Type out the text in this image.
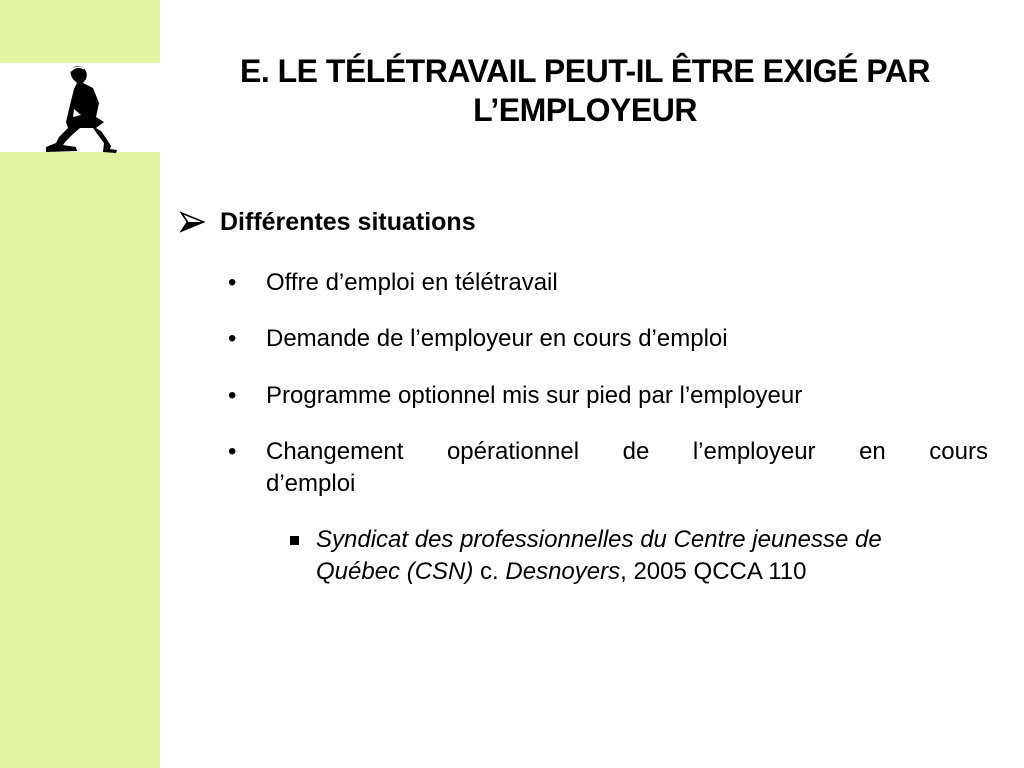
E. LE TÉLÉTRAVAIL PEUT-IL ÊTRE EXIGÉ PAR
L’EMPLOYEUR
Différentes situations
•	Offre d’emploi en télétravail
•	Demande de l’employeur en cours d’emploi
•	Programme optionnel mis sur pied par l’employeur
•	Changement opérationnel de l’employeur en cours
d’emploi
Syndicat des professionnelles du Centre jeunesse de
Québec (CSN) c. Desnoyers, 2005 QCCA 110
